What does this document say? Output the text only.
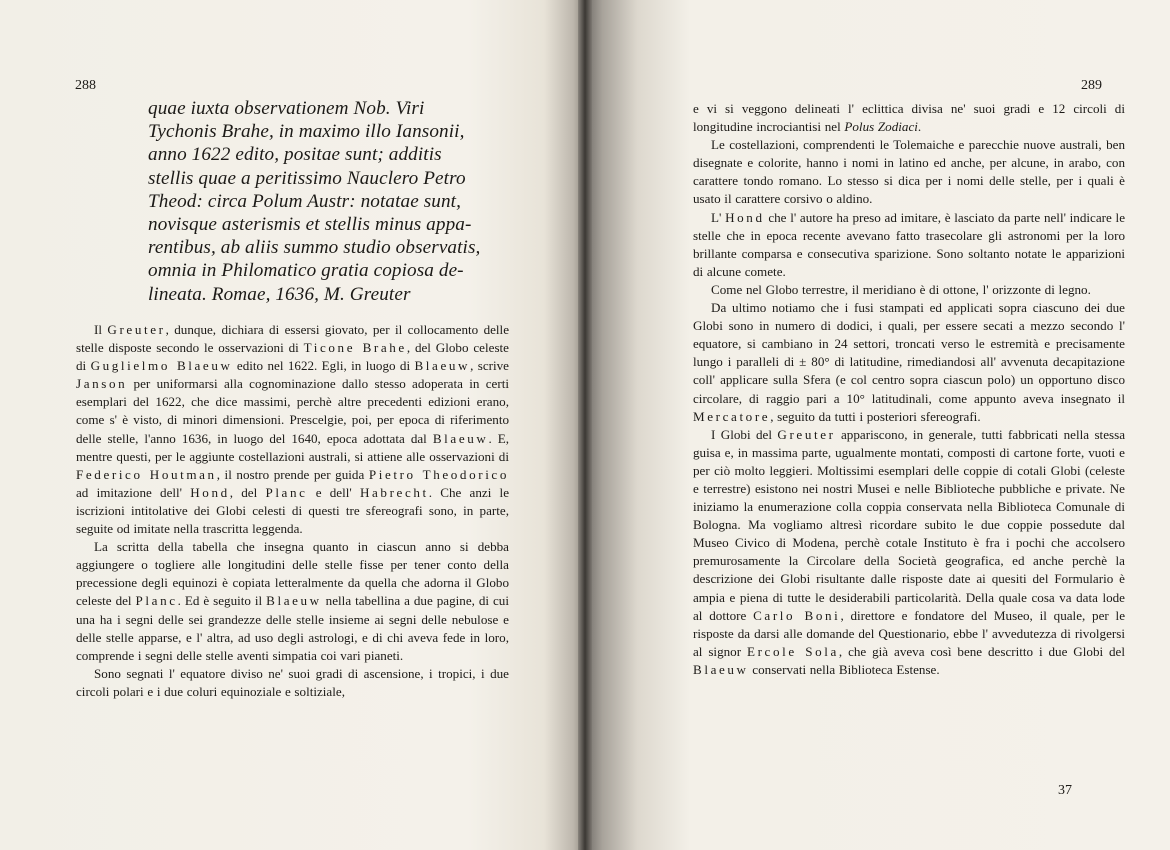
288
quae iuxta observationem Nob. Viri
Tychonis Brahe, in maximo illo Iansonii,
anno 1622 edito, positae sunt; additis
stellis quae a peritissimo Nauclero Petro
Theod: circa Polum Austr: notatae sunt,
novisque asterismis et stellis minus appa-
rentibus, ab aliis summo studio observatis,
omnia in Philomatico gratia copiosa de-
lineata. Romae, 1636, M. Greuter

Il Greuter, dunque, dichiara di essersi giovato, per il collocamento delle stelle disposte secondo le osservazioni di Ticone Brahe, del Globo celeste di Guglielmo Blaeuw edito nel 1622. Egli, in luogo di Blaeuw, scrive Janson per uniformarsi alla cognominazione dallo stesso adoperata in certi esemplari del 1622, che dice massimi, perchè altre precedenti edizioni erano, come s' è visto, di minori dimensioni. Prescelgie, poi, per epoca di riferimento delle stelle, l'anno 1636, in luogo del 1640, epoca adottata dal Blaeuw. E, mentre questi, per le aggiunte costellazioni australi, si attiene alle osservazioni di Federico Houtman, il nostro prende per guida Pietro Theodorico ad imitazione dell' Hond, del Planc e dell' Habrecht. Che anzi le iscrizioni intitolative dei Globi celesti di questi tre sfereografi sono, in parte, seguite od imitate nella trascritta leggenda.

La scritta della tabella che insegna quanto in ciascun anno si debba aggiungere o togliere alle longitudini delle stelle fisse per tener conto della precessione degli equinozi è copiata letteralmente da quella che adorna il Globo celeste del Planc. Ed è seguito il Blaeuw nella tabellina a due pagine, di cui una ha i segni delle sei grandezze delle stelle insieme ai segni delle nebulose e delle stelle apparse, e l' altra, ad uso degli astrologi, e di chi aveva fede in loro, comprende i segni delle stelle aventi simpatia coi vari pianeti.

Sono segnati l' equatore diviso ne' suoi gradi di ascensione, i tropici, i due circoli polari e i due coluri equinoziale e soltiziale,

289
37

e vi si veggono delineati l' eclittica divisa ne' suoi gradi e 12 circoli di longitudine incrociantisi nel Polus Zodiaci.

Le costellazioni, comprendenti le Tolemaiche e parecchie nuove australi, ben disegnate e colorite, hanno i nomi in latino ed anche, per alcune, in arabo, con carattere tondo romano. Lo stesso si dica per i nomi delle stelle, per i quali è usato il carattere corsivo o aldino.

L' Hond che l' autore ha preso ad imitare, è lasciato da parte nell' indicare le stelle che in epoca recente avevano fatto trasecolare gli astronomi per la loro brillante comparsa e consecutiva sparizione. Sono soltanto notate le apparizioni di alcune comete.

Come nel Globo terrestre, il meridiano è di ottone, l' orizzonte di legno.

Da ultimo notiamo che i fusi stampati ed applicati sopra ciascuno dei due Globi sono in numero di dodici, i quali, per essere secati a mezzo secondo l' equatore, si cambiano in 24 settori, troncati verso le estremità e precisamente lungo i paralleli di ± 80° di latitudine, rimediandosi all' avvenuta decapitazione coll' applicare sulla Sfera (e col centro sopra ciascun polo) un opportuno disco circolare, di raggio pari a 10° latitudinali, come appunto aveva insegnato il Mercatore, seguito da tutti i posteriori sfereografi.

I Globi del Greuter appariscono, in generale, tutti fabbricati nella stessa guisa e, in massima parte, ugualmente montati, composti di cartone forte, vuoti e per ciò molto leggieri. Moltissimi esemplari delle coppie di cotali Globi (celeste e terrestre) esistono nei nostri Musei e nelle Biblioteche pubbliche e private. Ne iniziamo la enumerazione colla coppia conservata nella Biblioteca Comunale di Bologna. Ma vogliamo altresì ricordare subito le due coppie possedute dal Museo Civico di Modena, perchè cotale Instituto è fra i pochi che accolsero premurosamente la Circolare della Società geografica, ed anche perchè la descrizione dei Globi risultante dalle risposte date ai quesiti del Formulario è ampia e piena di tutte le desiderabili particolarità. Della quale cosa va data lode al dottore Carlo Boni, direttore e fondatore del Museo, il quale, per le risposte da darsi alle domande del Questionario, ebbe l' avvedutezza di rivolgersi al signor Ercole Sola, che già aveva così bene descritto i due Globi del Blaeuw conservati nella Biblioteca Estense.
